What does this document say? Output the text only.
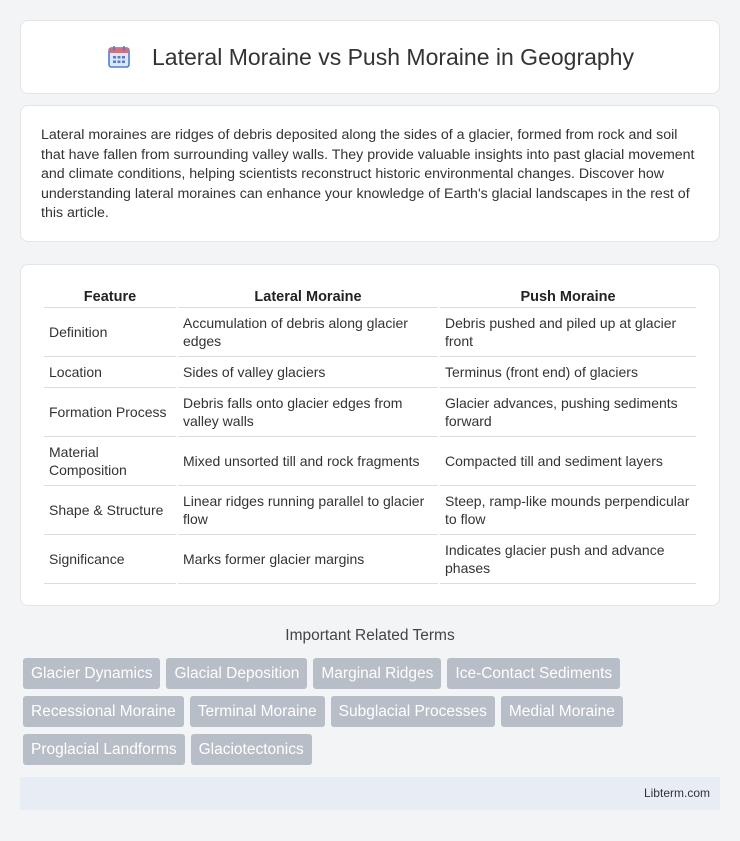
Lateral Moraine vs Push Moraine in Geography

Lateral moraines are ridges of debris deposited along the sides of a glacier, formed from rock and soil that have fallen from surrounding valley walls. They provide valuable insights into past glacial movement and climate conditions, helping scientists reconstruct historic environmental changes. Discover how understanding lateral moraines can enhance your knowledge of Earth's glacial landscapes in the rest of this article.

Feature	Lateral Moraine	Push Moraine
Definition	Accumulation of debris along glacier edges	Debris pushed and piled up at glacier front
Location	Sides of valley glaciers	Terminus (front end) of glaciers
Formation Process	Debris falls onto glacier edges from valley walls	Glacier advances, pushing sediments forward
Material Composition	Mixed unsorted till and rock fragments	Compacted till and sediment layers
Shape & Structure	Linear ridges running parallel to glacier flow	Steep, ramp-like mounds perpendicular to flow
Significance	Marks former glacier margins	Indicates glacier push and advance phases
Important Related Terms
Glacier Dynamics	Glacial Deposition	Marginal Ridges	Ice-Contact Sediments
Recessional Moraine	Terminal Moraine	Subglacial Processes	Medial Moraine
Proglacial Landforms	Glaciotectonics
Libterm.com
